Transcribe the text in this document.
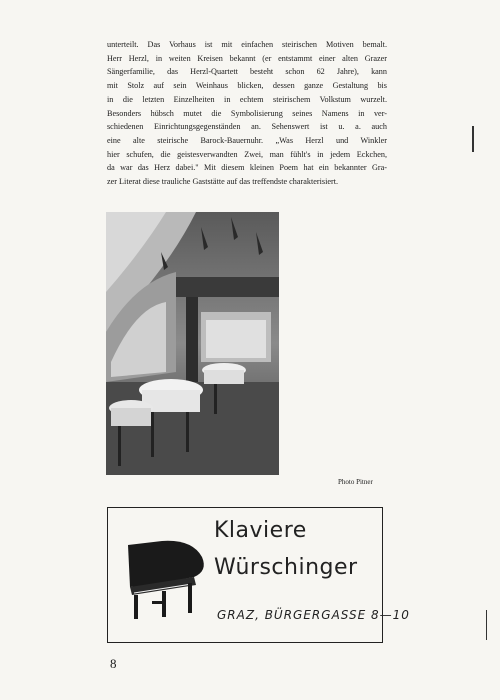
unterteilt. Das Vorhaus ist mit einfachen steirischen Motiven bemalt.
Herr Herzl, in weiten Kreisen bekannt (er entstammt einer alten Grazer
Sängerfamilie, das Herzl-Quartett besteht schon 62 Jahre), kann
mit Stolz auf sein Weinhaus blicken, dessen ganze Gestaltung bis
in die letzten Einzelheiten in echtem steirischem Volkstum wurzelt.
Besonders hübsch mutet die Symbolisierung seines Namens in ver-
schiedenen Einrichtungsgegenständen an. Sehenswert ist u. a. auch
eine alte steirische Barock-Bauernuhr. „Was Herzl und Winkler
hier schufen, die geistesverwandten Zwei, man fühlt's in jedem Eckchen,
da war das Herz dabei." Mit diesem kleinen Poem hat ein bekannter Gra-
zer Literat diese trauliche Gaststätte auf das treffendste charakterisiert.
Photo Pitner
Klaviere
Würschinger
GRAZ, BÜRGERGASSE 8—10
8
